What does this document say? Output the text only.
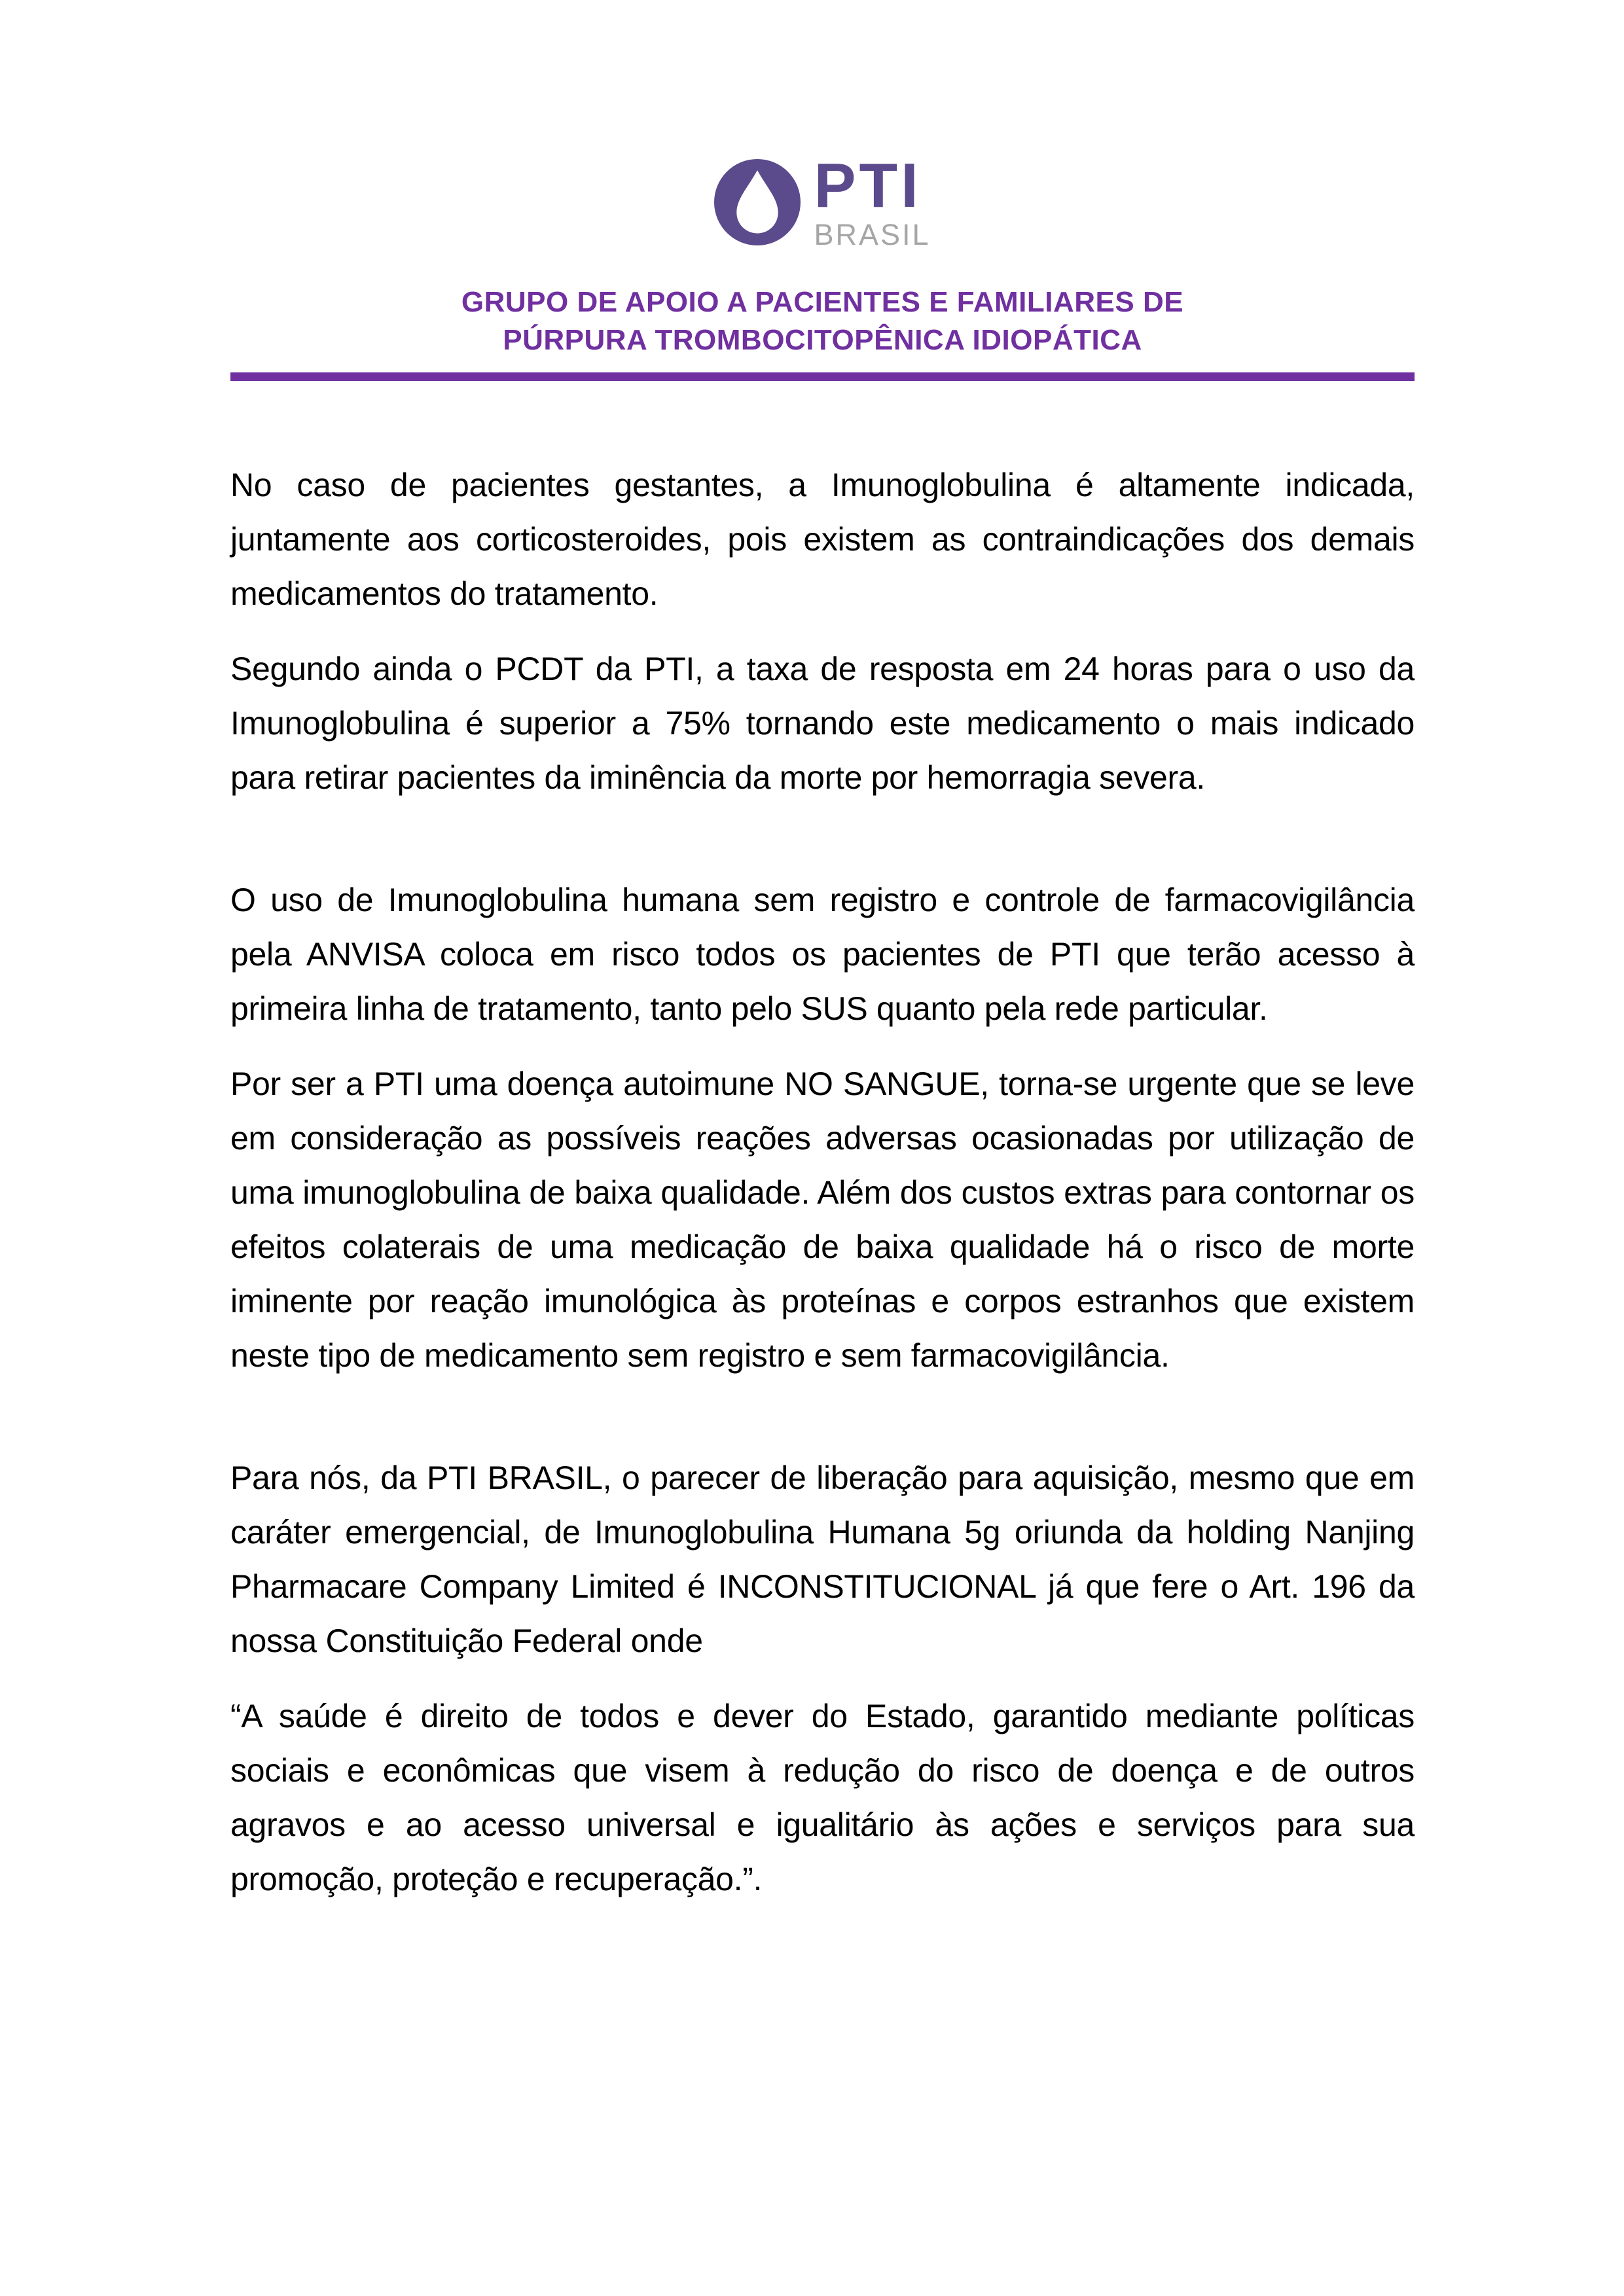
PTI
BRASIL
GRUPO DE APOIO A PACIENTES E FAMILIARES DE
PÚRPURA TROMBOCITOPÊNICA IDIOPÁTICA

No caso de pacientes gestantes, a Imunoglobulina é altamente indicada, juntamente aos corticosteroides, pois existem as contraindicações dos demais medicamentos do tratamento.

Segundo ainda o PCDT da PTI, a taxa de resposta em 24 horas para o uso da Imunoglobulina é superior a 75% tornando este medicamento o mais indicado para retirar pacientes da iminência da morte por hemorragia severa.

O uso de Imunoglobulina humana sem registro e controle de farmacovigilância pela ANVISA coloca em risco todos os pacientes de PTI que terão acesso à primeira linha de tratamento, tanto pelo SUS quanto pela rede particular.

Por ser a PTI uma doença autoimune NO SANGUE, torna-se urgente que se leve em consideração as possíveis reações adversas ocasionadas por utilização de uma imunoglobulina de baixa qualidade. Além dos custos extras para contornar os efeitos colaterais de uma medicação de baixa qualidade há o risco de morte iminente por reação imunológica às proteínas e corpos estranhos que existem neste tipo de medicamento sem registro e sem farmacovigilância.

Para nós, da PTI BRASIL, o parecer de liberação para aquisição, mesmo que em caráter emergencial, de Imunoglobulina Humana 5g oriunda da holding Nanjing Pharmacare Company Limited é INCONSTITUCIONAL já que fere o Art. 196 da nossa Constituição Federal onde

“A saúde é direito de todos e dever do Estado, garantido mediante políticas sociais e econômicas que visem à redução do risco de doença e de outros agravos e ao acesso universal e igualitário às ações e serviços para sua promoção, proteção e recuperação.”.
